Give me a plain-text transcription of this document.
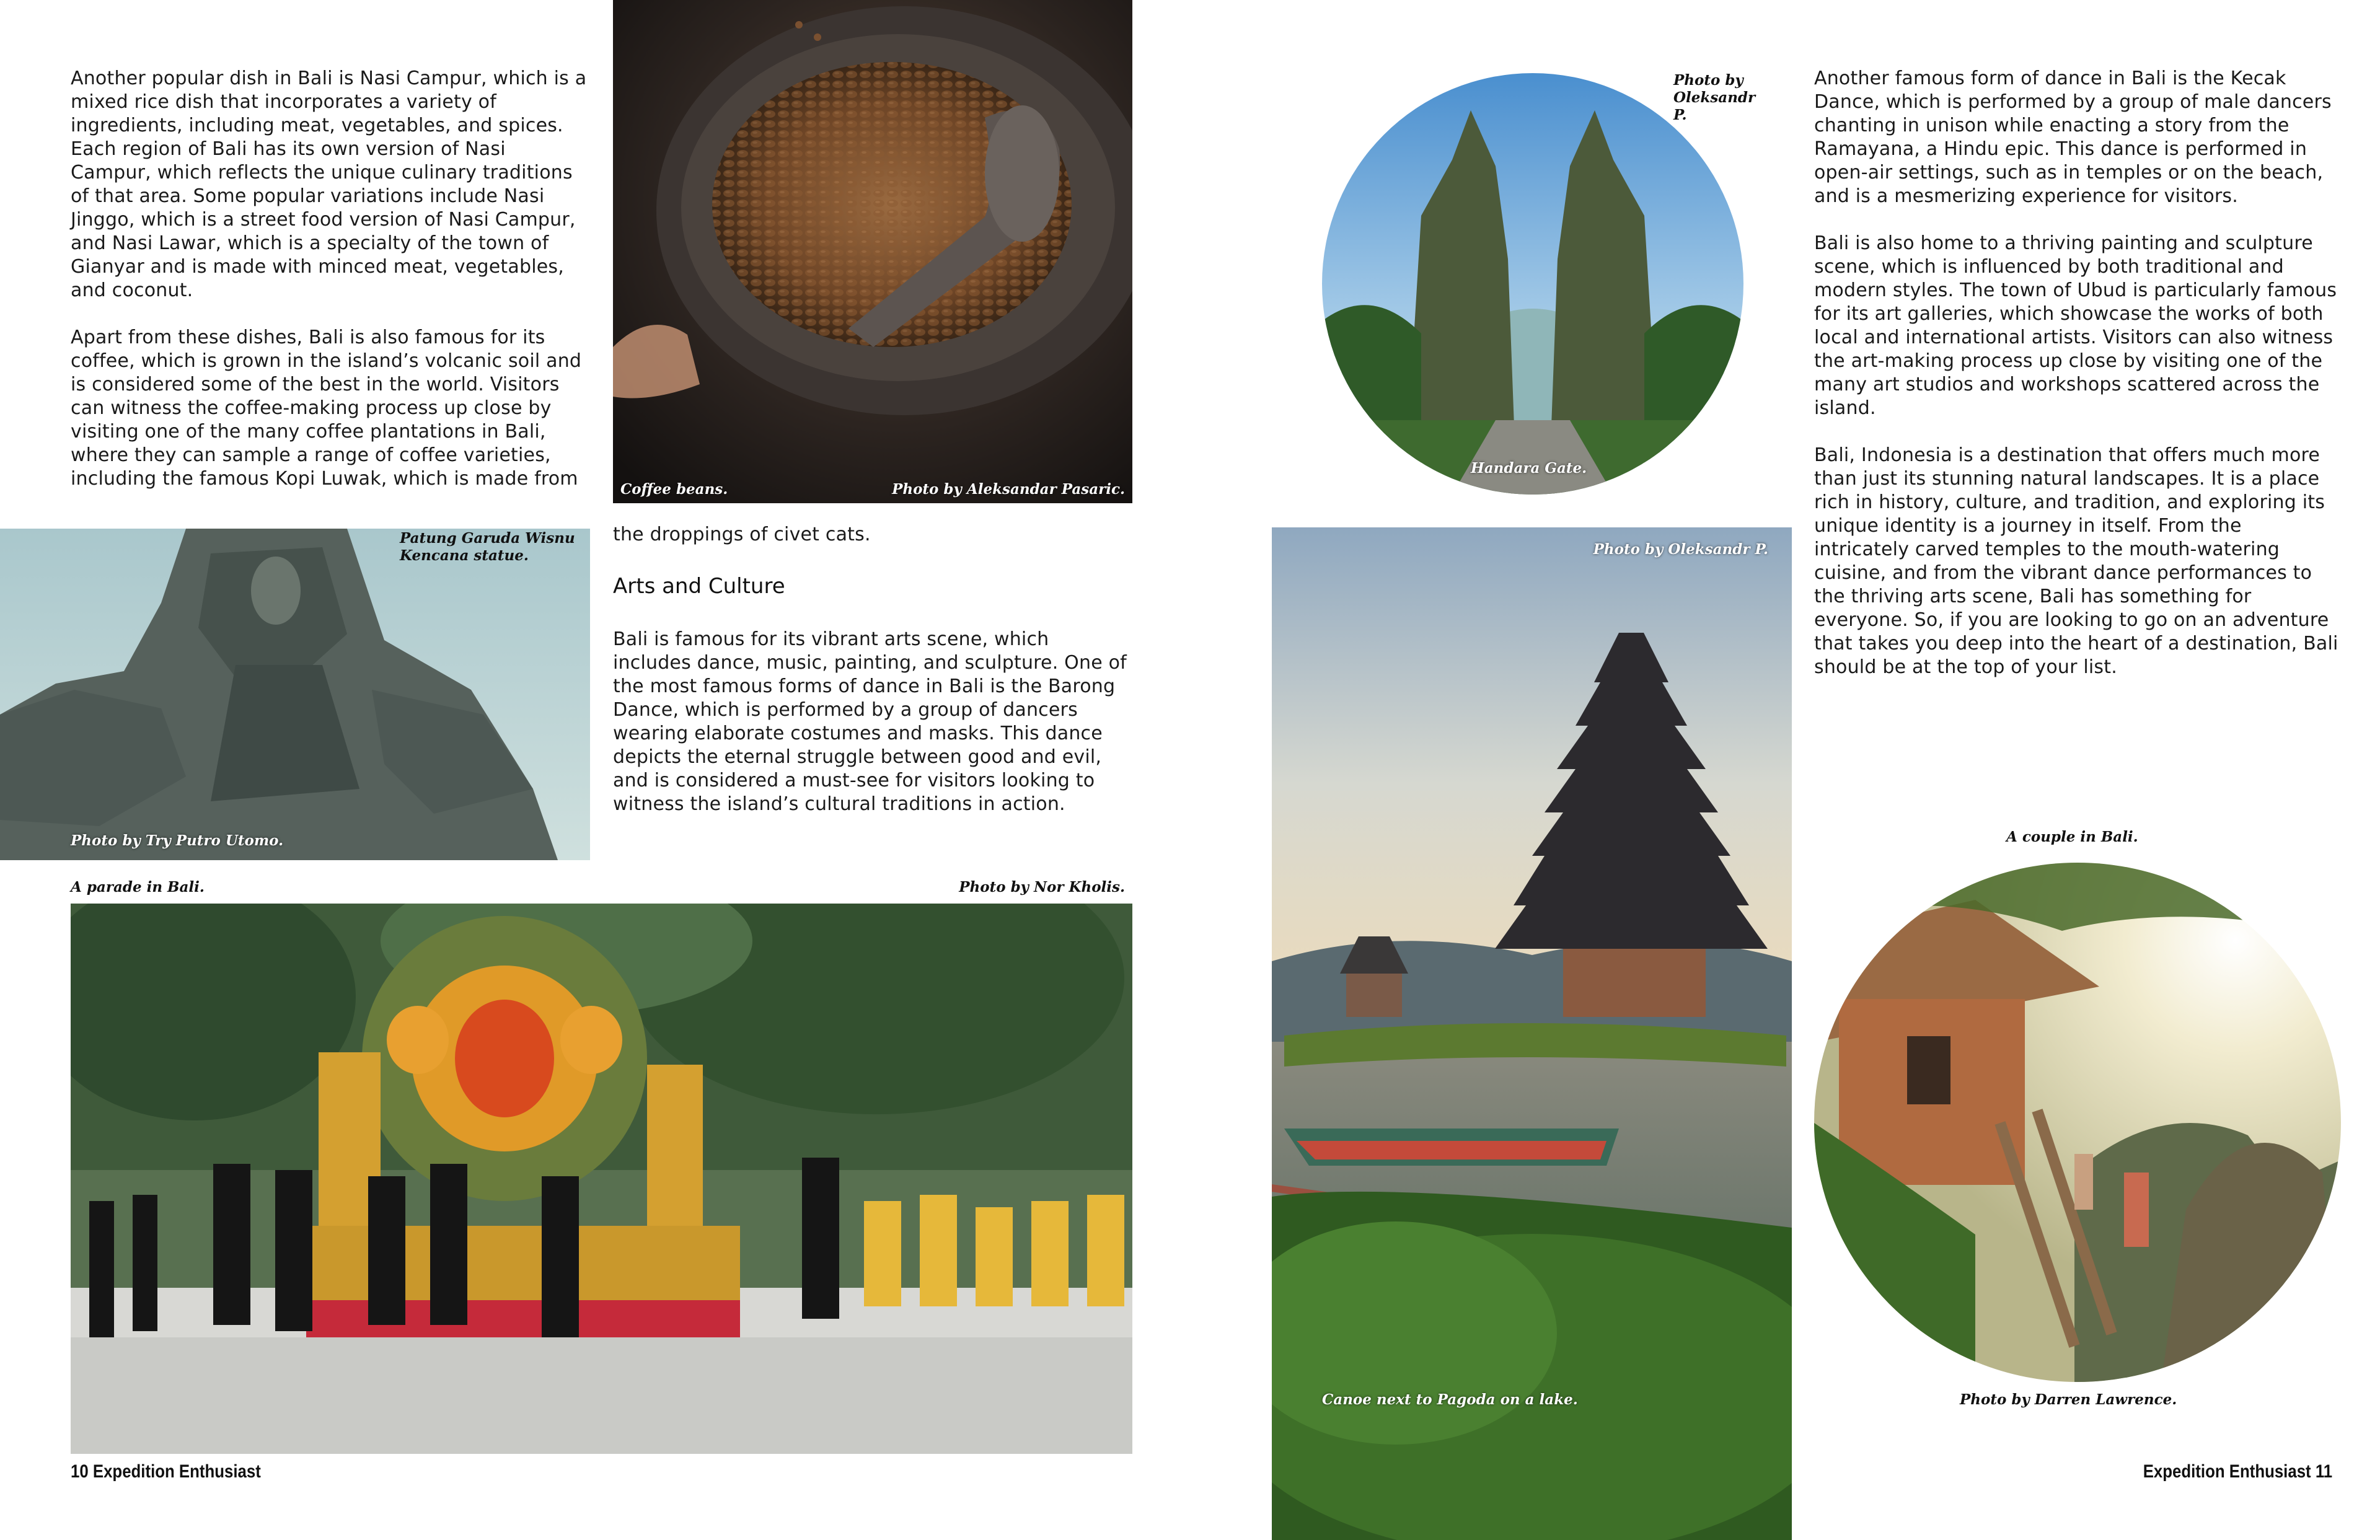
Another popular dish in Bali is Nasi Campur, which is a mixed rice dish that incorporates a variety of ingredients, including meat, vegetables, and spices. Each region of Bali has its own version of Nasi Campur, which reflects the unique culinary traditions of that area. Some popular variations include Nasi Jinggo, which is a street food version of Nasi Campur, and Nasi Lawar, which is a specialty of the town of Gianyar and is made with minced meat, vegetables, and coconut.

Apart from these dishes, Bali is also famous for its coffee, which is grown in the island’s volcanic soil and is considered some of the best in the world. Visitors can witness the coffee-making process up close by visiting one of the many coffee plantations in Bali, where they can sample a range of coffee varieties, including the famous Kopi Luwak, which is made from	Coffee beans.	Photo by Aleksandar Pasaric.
Patung Garuda Wisnu Kencana statue.
Photo by Try Putro Utomo.
the droppings of civet cats.
Arts and Culture
Bali is famous for its vibrant arts scene, which includes dance, music, painting, and sculpture. One of the most famous forms of dance in Bali is the Barong Dance, which is performed by a group of dancers wearing elaborate costumes and masks. This dance depicts the eternal struggle between good and evil, and is considered a must-see for visitors looking to witness the island’s cultural traditions in action.
A parade in Bali.	Photo by Nor Kholis.
10 Expedition Enthusiast
Photo by Oleksandr P.
Handara Gate.

Another famous form of dance in Bali is the Kecak Dance, which is performed by a group of male dancers chanting in unison while enacting a story from the Ramayana, a Hindu epic. This dance is performed in open-air settings, such as in temples or on the beach, and is a mesmerizing experience for visitors.

Bali is also home to a thriving painting and sculpture scene, which is influenced by both traditional and modern styles. The town of Ubud is particularly famous for its art galleries, which showcase the works of both local and international artists. Visitors can also witness the art-making process up close by visiting one of the many art studios and workshops scattered across the island.

Bali, Indonesia is a destination that offers much more than just its stunning natural landscapes. It is a place rich in history, culture, and tradition, and exploring its unique identity is a journey in itself. From the intricately carved temples to the mouth-watering cuisine, and from the vibrant dance performances to the thriving arts scene, Bali has something for everyone. So, if you are looking to go on an adventure that takes you deep into the heart of a destination, Bali should be at the top of your list.

Photo by Oleksandr P.
Canoe next to Pagoda on a lake.
A couple in Bali.
Photo by Darren Lawrence.
Expedition Enthusiast 11
